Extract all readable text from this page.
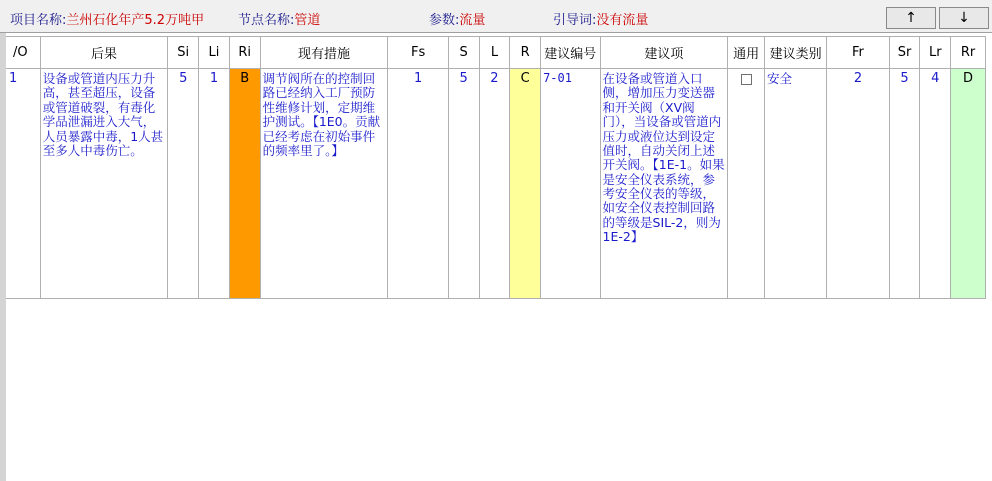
项目名称:兰州石化年产5.2万吨甲	节点名称:管道	参数:流量	引导词:没有流量	↑	↓
/O	后果	Si	Li	Ri	现有措施	Fs	S	L	R	建议编号	建议项	通用	建议类别	Fr	Sr	Lr	Rr
1	设备或管道内压力升高，甚至超压，设备或管道破裂，有毒化学品泄漏进入大气，人员暴露中毒，1人甚至多人中毒伤亡。	5	1	B	调节阀所在的控制回路已经纳入工厂预防性维修计划，定期维护测试。【1E0。贡献已经考虑在初始事件的频率里了。】	1	5	2	C	7-01	在设备或管道入口侧，增加压力变送器和开关阀（XV阀门），当设备或管道内压力或液位达到设定值时，自动关闭上述开关阀。【1E-1。如果是安全仪表系统，参考安全仪表的等级，如安全仪表控制回路的等级是SIL-2，则为1E-2】		安全	2	5	4	D
